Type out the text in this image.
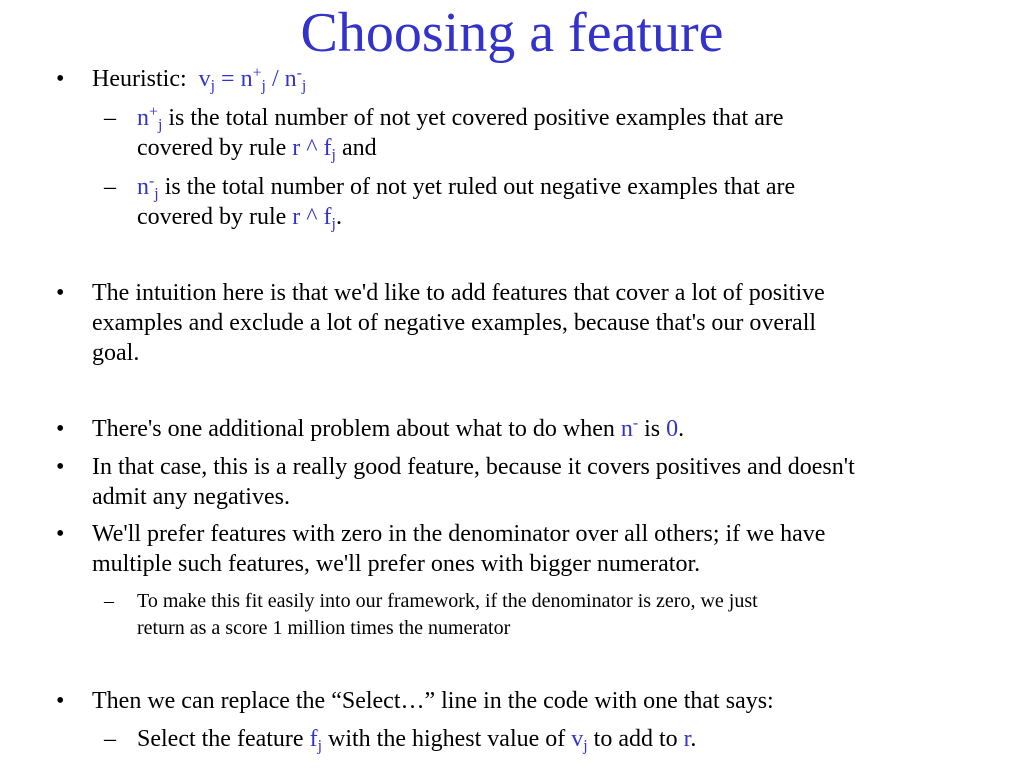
Choosing a feature
• Heuristic: $v_j = n^+_j / n^-_j$
– $n^+_j$ is the total number of not yet covered positive examples that are
covered by rule r ^ $f_j$ and
– $n^-_j$ is the total number of not yet ruled out negative examples that are
covered by rule r ^ $f_j$.
• The intuition here is that we'd like to add features that cover a lot of positive
examples and exclude a lot of negative examples, because that's our overall
goal.
• There's one additional problem about what to do when n- is 0.
• In that case, this is a really good feature, because it covers positives and doesn't
admit any negatives.
• We'll prefer features with zero in the denominator over all others; if we have
multiple such features, we'll prefer ones with bigger numerator.
– To make this fit easily into our framework, if the denominator is zero, we just
return as a score 1 million times the numerator
• Then we can replace the “Select…” line in the code with one that says:
– Select the feature $f_j$ with the highest value of $v_j$ to add to r.
